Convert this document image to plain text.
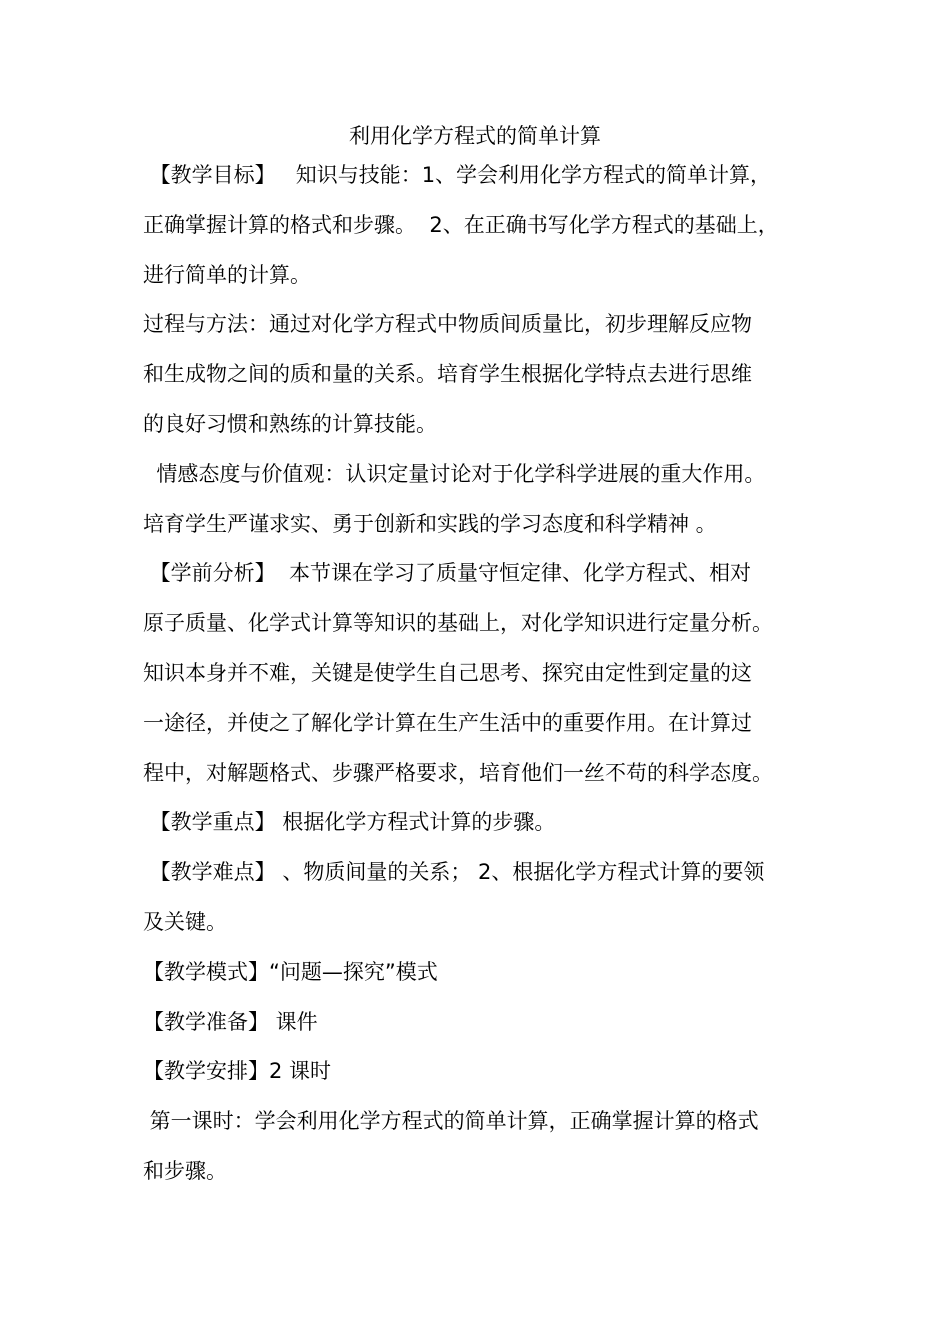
利用化学方程式的简单计算
【教学目标】   知识与技能：1、学会利用化学方程式的简单计算，
正确掌握计算的格式和步骤。  2、在正确书写化学方程式的基础上，
进行简单的计算。
过程与方法：通过对化学方程式中物质间质量比，初步理解反应物
和生成物之间的质和量的关系。培育学生根据化学特点去进行思维
的良好习惯和熟练的计算技能。
情感态度与价值观：认识定量讨论对于化学科学进展的重大作用。
培育学生严谨求实、勇于创新和实践的学习态度和科学精神 。
【学前分析】  本节课在学习了质量守恒定律、化学方程式、相对
原子质量、化学式计算等知识的基础上，对化学知识进行定量分析。
知识本身并不难，关键是使学生自己思考、探究由定性到定量的这
一途径，并使之了解化学计算在生产生活中的重要作用。在计算过
程中，对解题格式、步骤严格要求，培育他们一丝不苟的科学态度。
【教学重点】 根据化学方程式计算的步骤。
【教学难点】 、物质间量的关系； 2、根据化学方程式计算的要领
及关键。
【教学模式】“问题—探究”模式
【教学准备】 课件
【教学安排】2 课时
第一课时：学会利用化学方程式的简单计算，正确掌握计算的格式
和步骤。
